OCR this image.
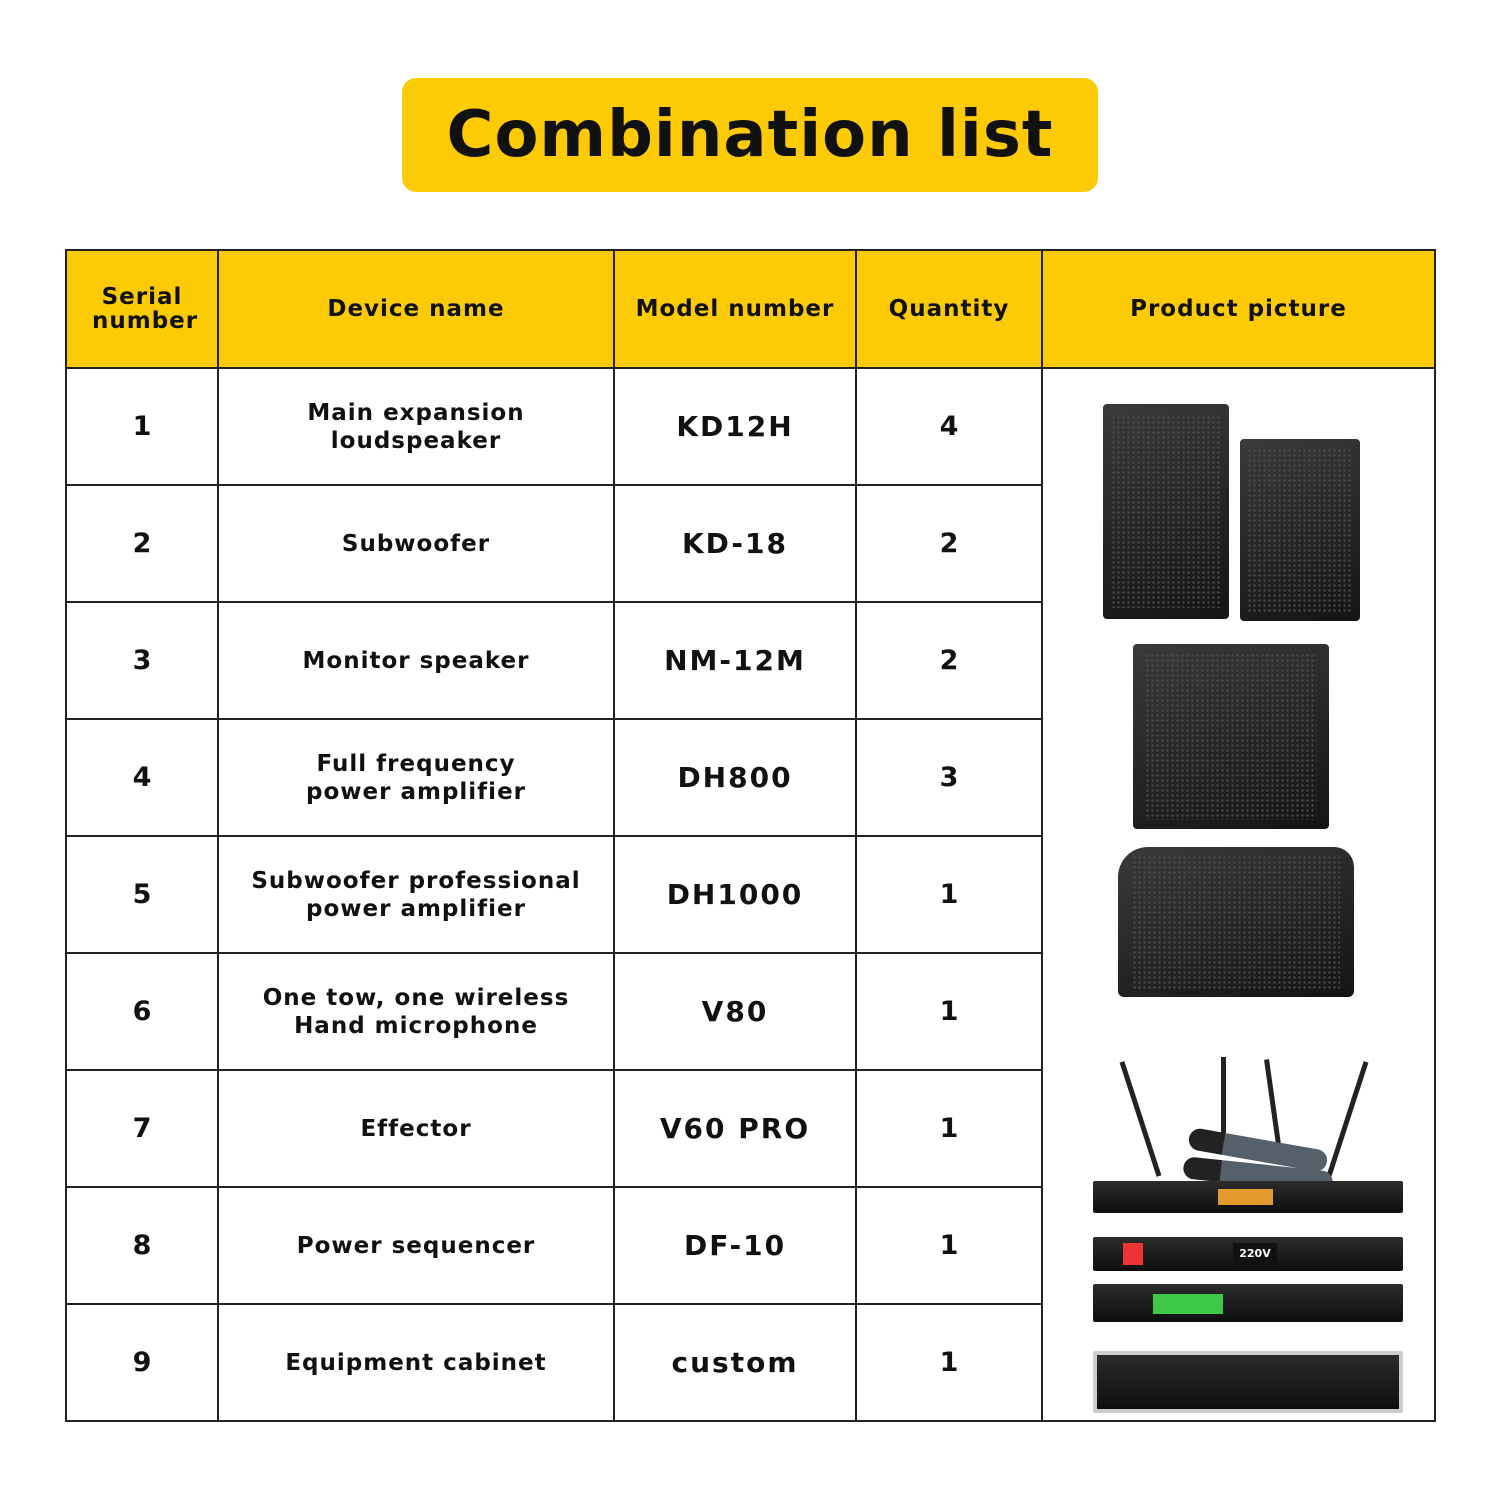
Combination list
Serial number	Device name	Model number	Quantity	Product picture
1	Main expansion loudspeaker	KD12H	4	220V

2	Subwoofer	KD-18	2	
3	Monitor speaker	NM-12M	2	
4	Full frequency power amplifier	DH800	3	
5	Subwoofer professional power amplifier	DH1000	1	
6	One tow, one wireless Hand microphone	V80	1	
7	Effector	V60 PRO	1	
8	Power sequencer	DF-10	1	
9	Equipment cabinet	custom	1	
